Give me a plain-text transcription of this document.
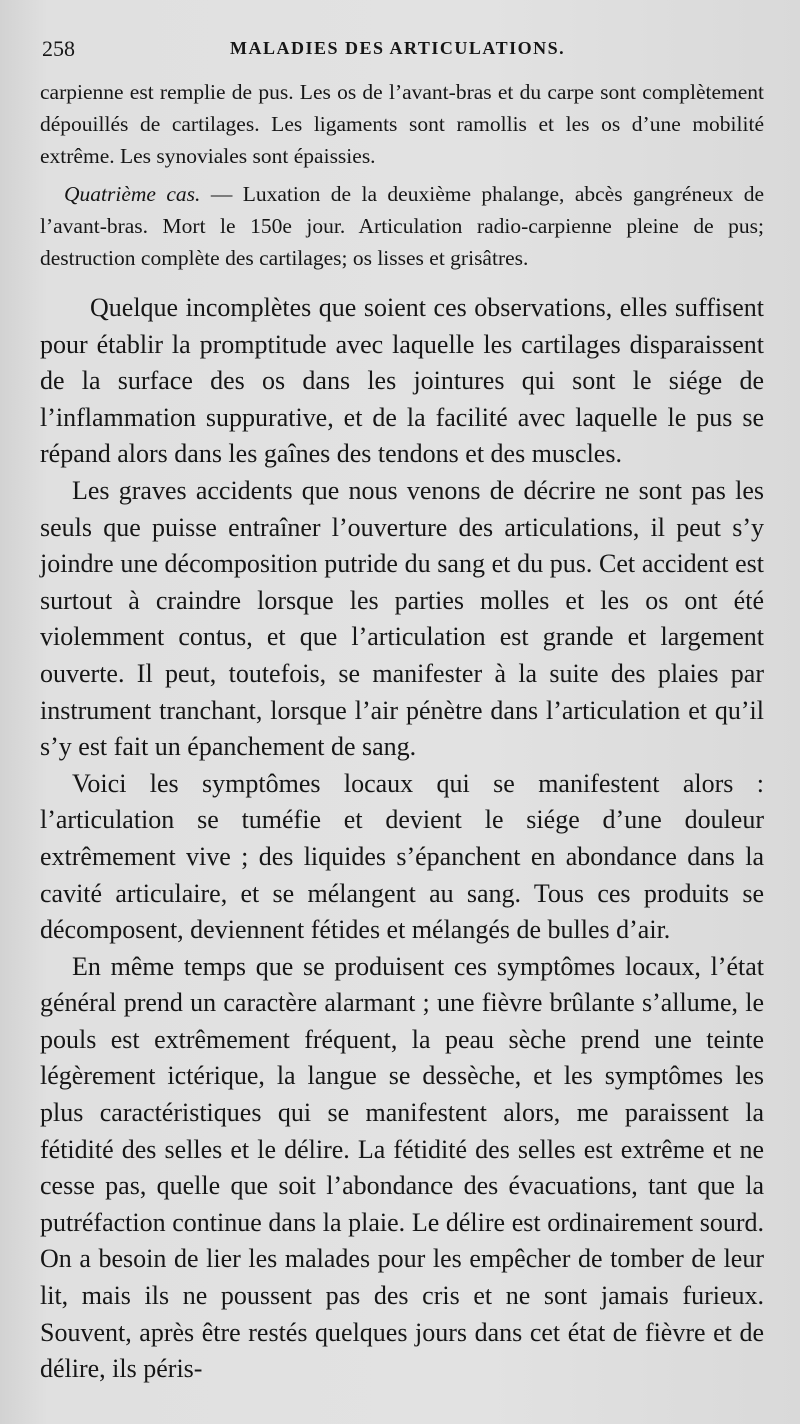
258	MALADIES DES ARTICULATIONS.

carpienne est remplie de pus. Les os de l’avant-bras et du carpe sont complètement dépouillés de cartilages. Les ligaments sont ramollis et les os d’une mobilité extrême. Les synoviales sont épaissies.

Quatrième cas. — Luxation de la deuxième phalange, abcès gangréneux de l’avant-bras. Mort le 150e jour. Articulation radio-carpienne pleine de pus; destruction complète des cartilages; os lisses et grisâtres.

Quelque incomplètes que soient ces observations, elles suffisent pour établir la promptitude avec laquelle les cartilages disparaissent de la surface des os dans les jointures qui sont le siége de l’inflammation suppurative, et de la facilité avec laquelle le pus se répand alors dans les gaînes des tendons et des muscles.

Les graves accidents que nous venons de décrire ne sont pas les seuls que puisse entraîner l’ouverture des articulations, il peut s’y joindre une décomposition putride du sang et du pus. Cet accident est surtout à craindre lorsque les parties molles et les os ont été violemment contus, et que l’articulation est grande et largement ouverte. Il peut, toutefois, se manifester à la suite des plaies par instrument tranchant, lorsque l’air pénètre dans l’articulation et qu’il s’y est fait un épanchement de sang.

Voici les symptômes locaux qui se manifestent alors : l’articulation se tuméfie et devient le siége d’une douleur extrêmement vive ; des liquides s’épanchent en abondance dans la cavité articulaire, et se mélangent au sang. Tous ces produits se décomposent, deviennent fétides et mélangés de bulles d’air.

En même temps que se produisent ces symptômes locaux, l’état général prend un caractère alarmant ; une fièvre brûlante s’allume, le pouls est extrêmement fréquent, la peau sèche prend une teinte légèrement ictérique, la langue se dessèche, et les symptômes les plus caractéristiques qui se manifestent alors, me paraissent la fétidité des selles et le délire. La fétidité des selles est extrême et ne cesse pas, quelle que soit l’abondance des évacuations, tant que la putréfaction continue dans la plaie. Le délire est ordinairement sourd. On a besoin de lier les malades pour les empêcher de tomber de leur lit, mais ils ne poussent pas des cris et ne sont jamais furieux. Souvent, après être restés quelques jours dans cet état de fièvre et de délire, ils péris-
